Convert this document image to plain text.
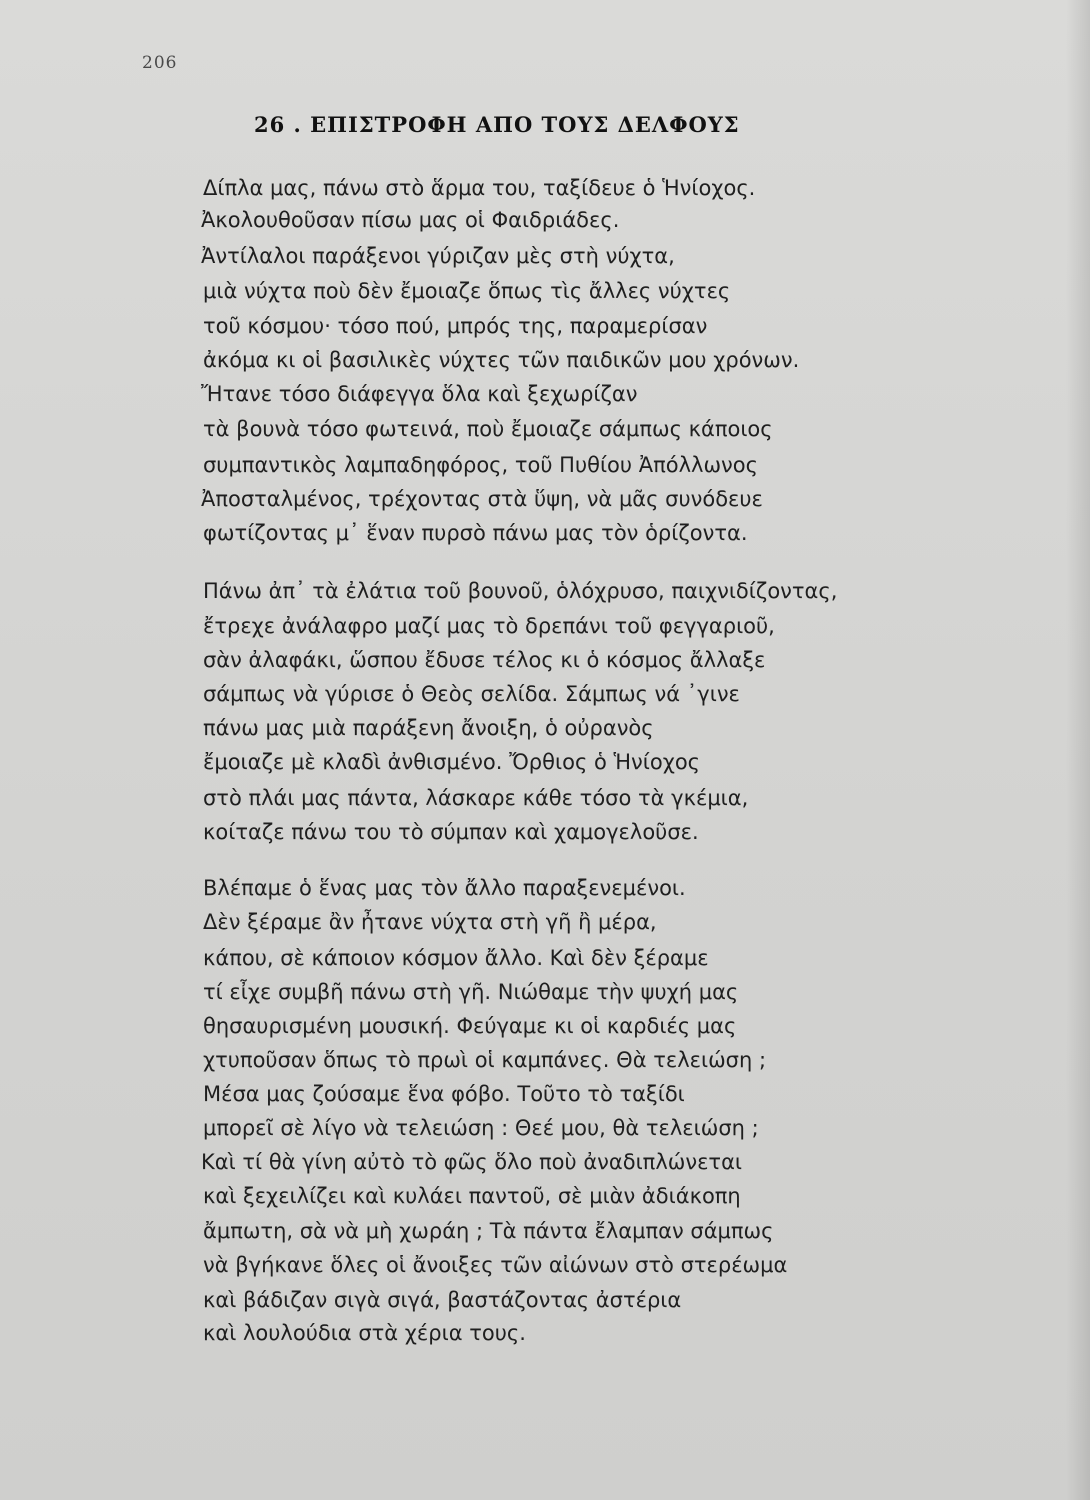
206
26 . ΕΠΙΣΤΡΟΦΗ ΑΠΟ ΤΟΥΣ ΔΕΛΦΟΥΣ
Δίπλα μας, πάνω στὸ ἅρμα του, ταξίδευε ὁ Ἡνίοχος.
Ἀκολουθοῦσαν πίσω μας οἱ Φαιδριάδες.
Ἀντίλαλοι παράξενοι γύριζαν μὲς στὴ νύχτα,
μιὰ νύχτα ποὺ δὲν ἔμοιαζε ὅπως τὶς ἄλλες νύχτες
τοῦ κόσμου· τόσο πού, μπρός της, παραμερίσαν
ἀκόμα κι οἱ βασιλικὲς νύχτες τῶν παιδικῶν μου χρόνων.
Ἤτανε τόσο διάφεγγα ὅλα καὶ ξεχωρίζαν
τὰ βουνὰ τόσο φωτεινά, ποὺ ἔμοιαζε σάμπως κάποιος
συμπαντικὸς λαμπαδηφόρος, τοῦ Πυθίου Ἀπόλλωνος
Ἀποσταλμένος, τρέχοντας στὰ ὕψη, νὰ μᾶς συνόδευε
φωτίζοντας μ᾽ ἕναν πυρσὸ πάνω μας τὸν ὁρίζοντα.
Πάνω ἀπ᾽ τὰ ἐλάτια τοῦ βουνοῦ, ὁλόχρυσο, παιχνιδίζοντας,
ἔτρεχε ἀνάλαφρο μαζί μας τὸ δρεπάνι τοῦ φεγγαριοῦ,
σὰν ἀλαφάκι, ὥσπου ἔδυσε τέλος κι ὁ κόσμος ἄλλαξε
σάμπως νὰ γύρισε ὁ Θεὸς σελίδα. Σάμπως νά ᾽γινε
πάνω μας μιὰ παράξενη ἄνοιξη, ὁ οὐρανὸς
ἔμοιαζε μὲ κλαδὶ ἀνθισμένο. Ὄρθιος ὁ Ἡνίοχος
στὸ πλάι μας πάντα, λάσκαρε κάθε τόσο τὰ γκέμια,
κοίταζε πάνω του τὸ σύμπαν καὶ χαμογελοῦσε.
Βλέπαμε ὁ ἕνας μας τὸν ἄλλο παραξενεμένοι.
Δὲν ξέραμε ἂν ἦτανε νύχτα στὴ γῆ ἢ μέρα,
κάπου, σὲ κάποιον κόσμον ἄλλο. Καὶ δὲν ξέραμε
τί εἶχε συμβῆ πάνω στὴ γῆ. Νιώθαμε τὴν ψυχή μας
θησαυρισμένη μουσική. Φεύγαμε κι οἱ καρδιές μας
χτυποῦσαν ὅπως τὸ πρωὶ οἱ καμπάνες. Θὰ τελειώση ;
Μέσα μας ζούσαμε ἕνα φόβο. Τοῦτο τὸ ταξίδι
μπορεῖ σὲ λίγο νὰ τελειώση : Θεέ μου, θὰ τελειώση ;
Καὶ τί θὰ γίνη αὐτὸ τὸ φῶς ὅλο ποὺ ἀναδιπλώνεται
καὶ ξεχειλίζει καὶ κυλάει παντοῦ, σὲ μιὰν ἀδιάκοπη
ἄμπωτη, σὰ νὰ μὴ χωράη ; Τὰ πάντα ἔλαμπαν σάμπως
νὰ βγήκανε ὅλες οἱ ἄνοιξες τῶν αἰώνων στὸ στερέωμα
καὶ βάδιζαν σιγὰ σιγά, βαστάζοντας ἀστέρια
καὶ λουλούδια στὰ χέρια τους.
